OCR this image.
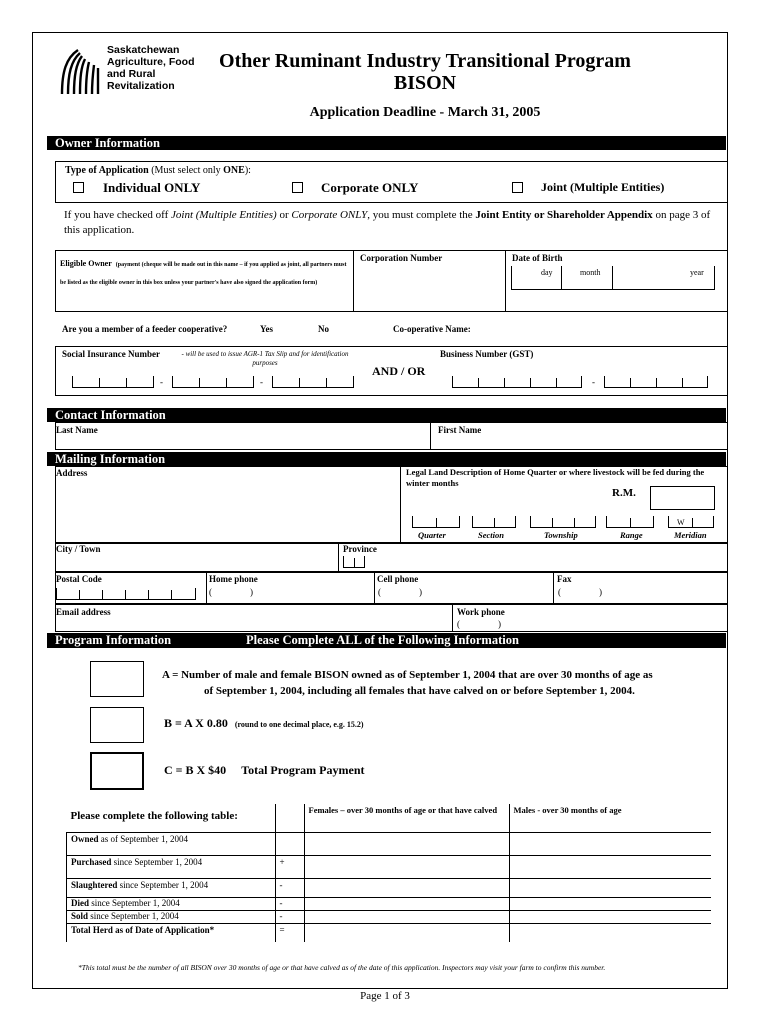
Saskatchewan
Agriculture, Food
and Rural
Revitalization
Other Ruminant Industry Transitional Program
BISON
Application Deadline - March 31, 2005
Owner Information
Type of Application (Must select only ONE):
Individual ONLY	Corporate ONLY	Joint (Multiple Entities)
If you have checked off Joint (Multiple Entities) or Corporate ONLY, you must complete the Joint Entity or Shareholder Appendix on page 3 of this application.
Eligible Owner (payment (cheque will be made out in this name – if you applied as joint, all partners must be listed as the eligible owner in this box unless your partner's have also signed the application form)
Corporation Number	Date of Birth
day	month	year
Are you a member of a feeder cooperative?	Yes	No	Co-operative Name:
Social Insurance Number	- will be used to issue AGR-1 Tax Slip and for identification purposes
-	-
AND / OR
Business Number (GST)
-
Contact Information
Last Name	First Name
Mailing Information
Address	Legal Land Description of Home Quarter or where livestock will be fed during the winter months
R.M.
W
Quarter	Section	Township	Range	Meridian
City / Town	Province
Postal Code	Home phone
(	)
Cell phone
(	)
Fax
(	)
Email address	Work phone
(	)
Program Information	Please Complete ALL of the Following Information
A = Number of male and female BISON owned as of September 1, 2004 that are over 30 months of age as
of September 1, 2004, including all females that have calved on or before September 1, 2004.
B = A X 0.80 (round to one decimal place, e.g. 15.2)
C = B X $40 Total Program Payment
Please complete the following table:		Females – over 30 months of age or that have calved	Males - over 30 months of age
Owned as of September 1, 2004			
Purchased since September 1, 2004	+		
Slaughtered since September 1, 2004	-		
Died since September 1, 2004	-		
Sold since September 1, 2004	-		
Total Herd as of Date of Application*	=		
*This total must be the number of all BISON over 30 months of age or that have calved as of the date of this application. Inspectors may visit your farm to confirm this number.
Page 1 of 3
